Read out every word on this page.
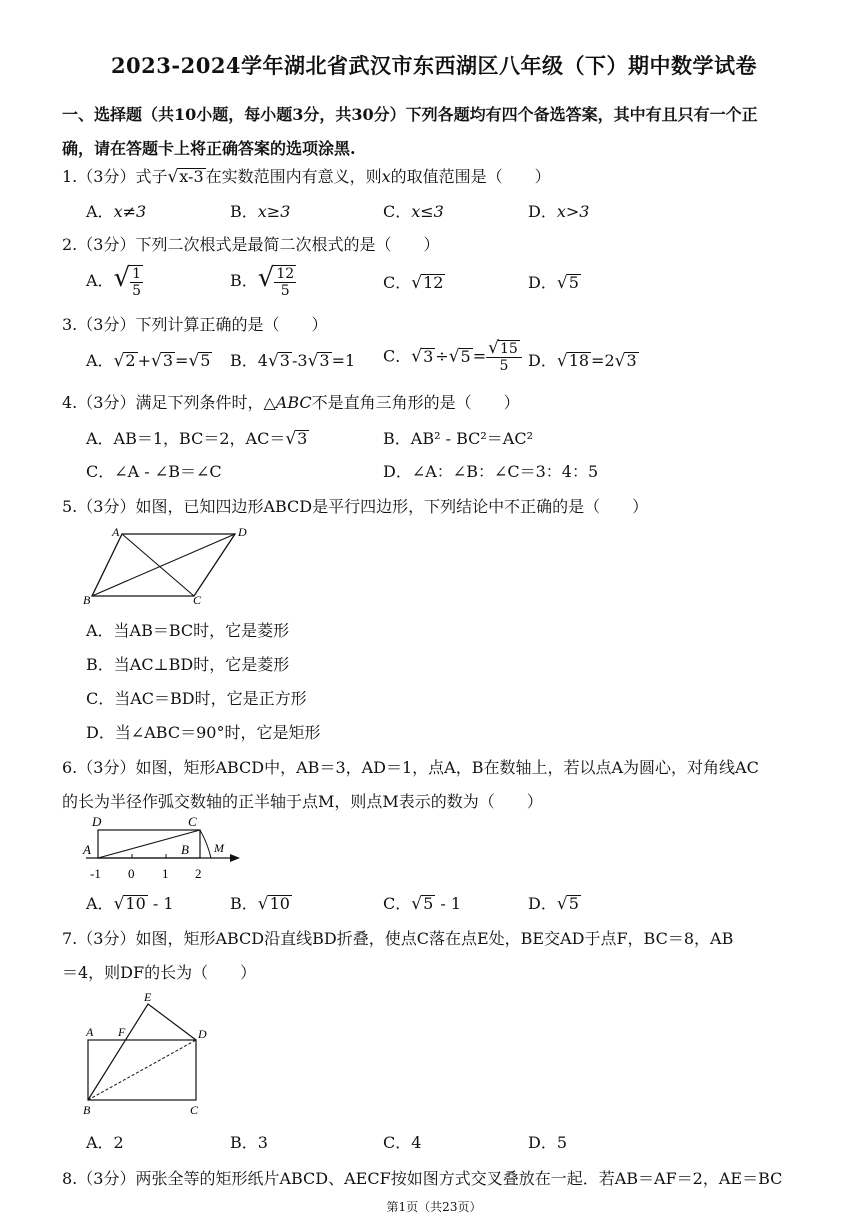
2023-2024学年湖北省武汉市东西湖区八年级（下）期中数学试卷
一、选择题（共10小题，每小题3分，共30分）下列各题均有四个备选答案，其中有且只有一个正
确，请在答题卡上将正确答案的选项涂黑.
1.（3分）式子√x-3 在实数范围内有意义，则x的取值范围是（　　）
A．x≠3	B．x≥3	C．x≤3	D．x>3
2.（3分）下列二次根式是最简二次根式的是（　　）
A．√ $\frac{1}{5}$	B．√ $\frac{12}{5}$	C．√12	D．√5
3.（3分）下列计算正确的是（　　）
A．√2 +√3 =√5 B．4√3 -3√3 =1 C．$√3 \div√5 = \frac{√15}{5}$ D．√18 =2√3
4.（3分）满足下列条件时，△ABC不是直角三角形的是（　　）
A．AB＝1，BC＝2，AC＝√3	B．AB² - BC²＝AC²
C．∠A - ∠B＝∠C	D．∠A：∠B：∠C＝3：4：5
5.（3分）如图，已知四边形ABCD是平行四边形，下列结论中不正确的是（　　）
A	D
B	C
A．当AB＝BC时，它是菱形
B．当AC⊥BD时，它是菱形
C．当AC＝BD时，它是正方形
D．当∠ABC＝90°时，它是矩形
6.（3分）如图，矩形ABCD中，AB＝3，AD＝1，点A，B在数轴上，若以点A为圆心，对角线AC
的长为半径作弧交数轴的正半轴于点M，则点M表示的数为（　　）
D	C
A	B M
-1 0 1 2
A．√10 - 1	B．√10	C．√5 - 1	D．√5
7.（3分）如图，矩形ABCD沿直线BD折叠，使点C落在点E处，BE交AD于点F，BC＝8，AB
＝4，则DF的长为（　　）
E
A F	D
B	C
A．2	B．3	C．4	D．5
8.（3分）两张全等的矩形纸片ABCD、AECF按如图方式交叉叠放在一起．若AB＝AF＝2，AE＝BC
第1页（共23页）
